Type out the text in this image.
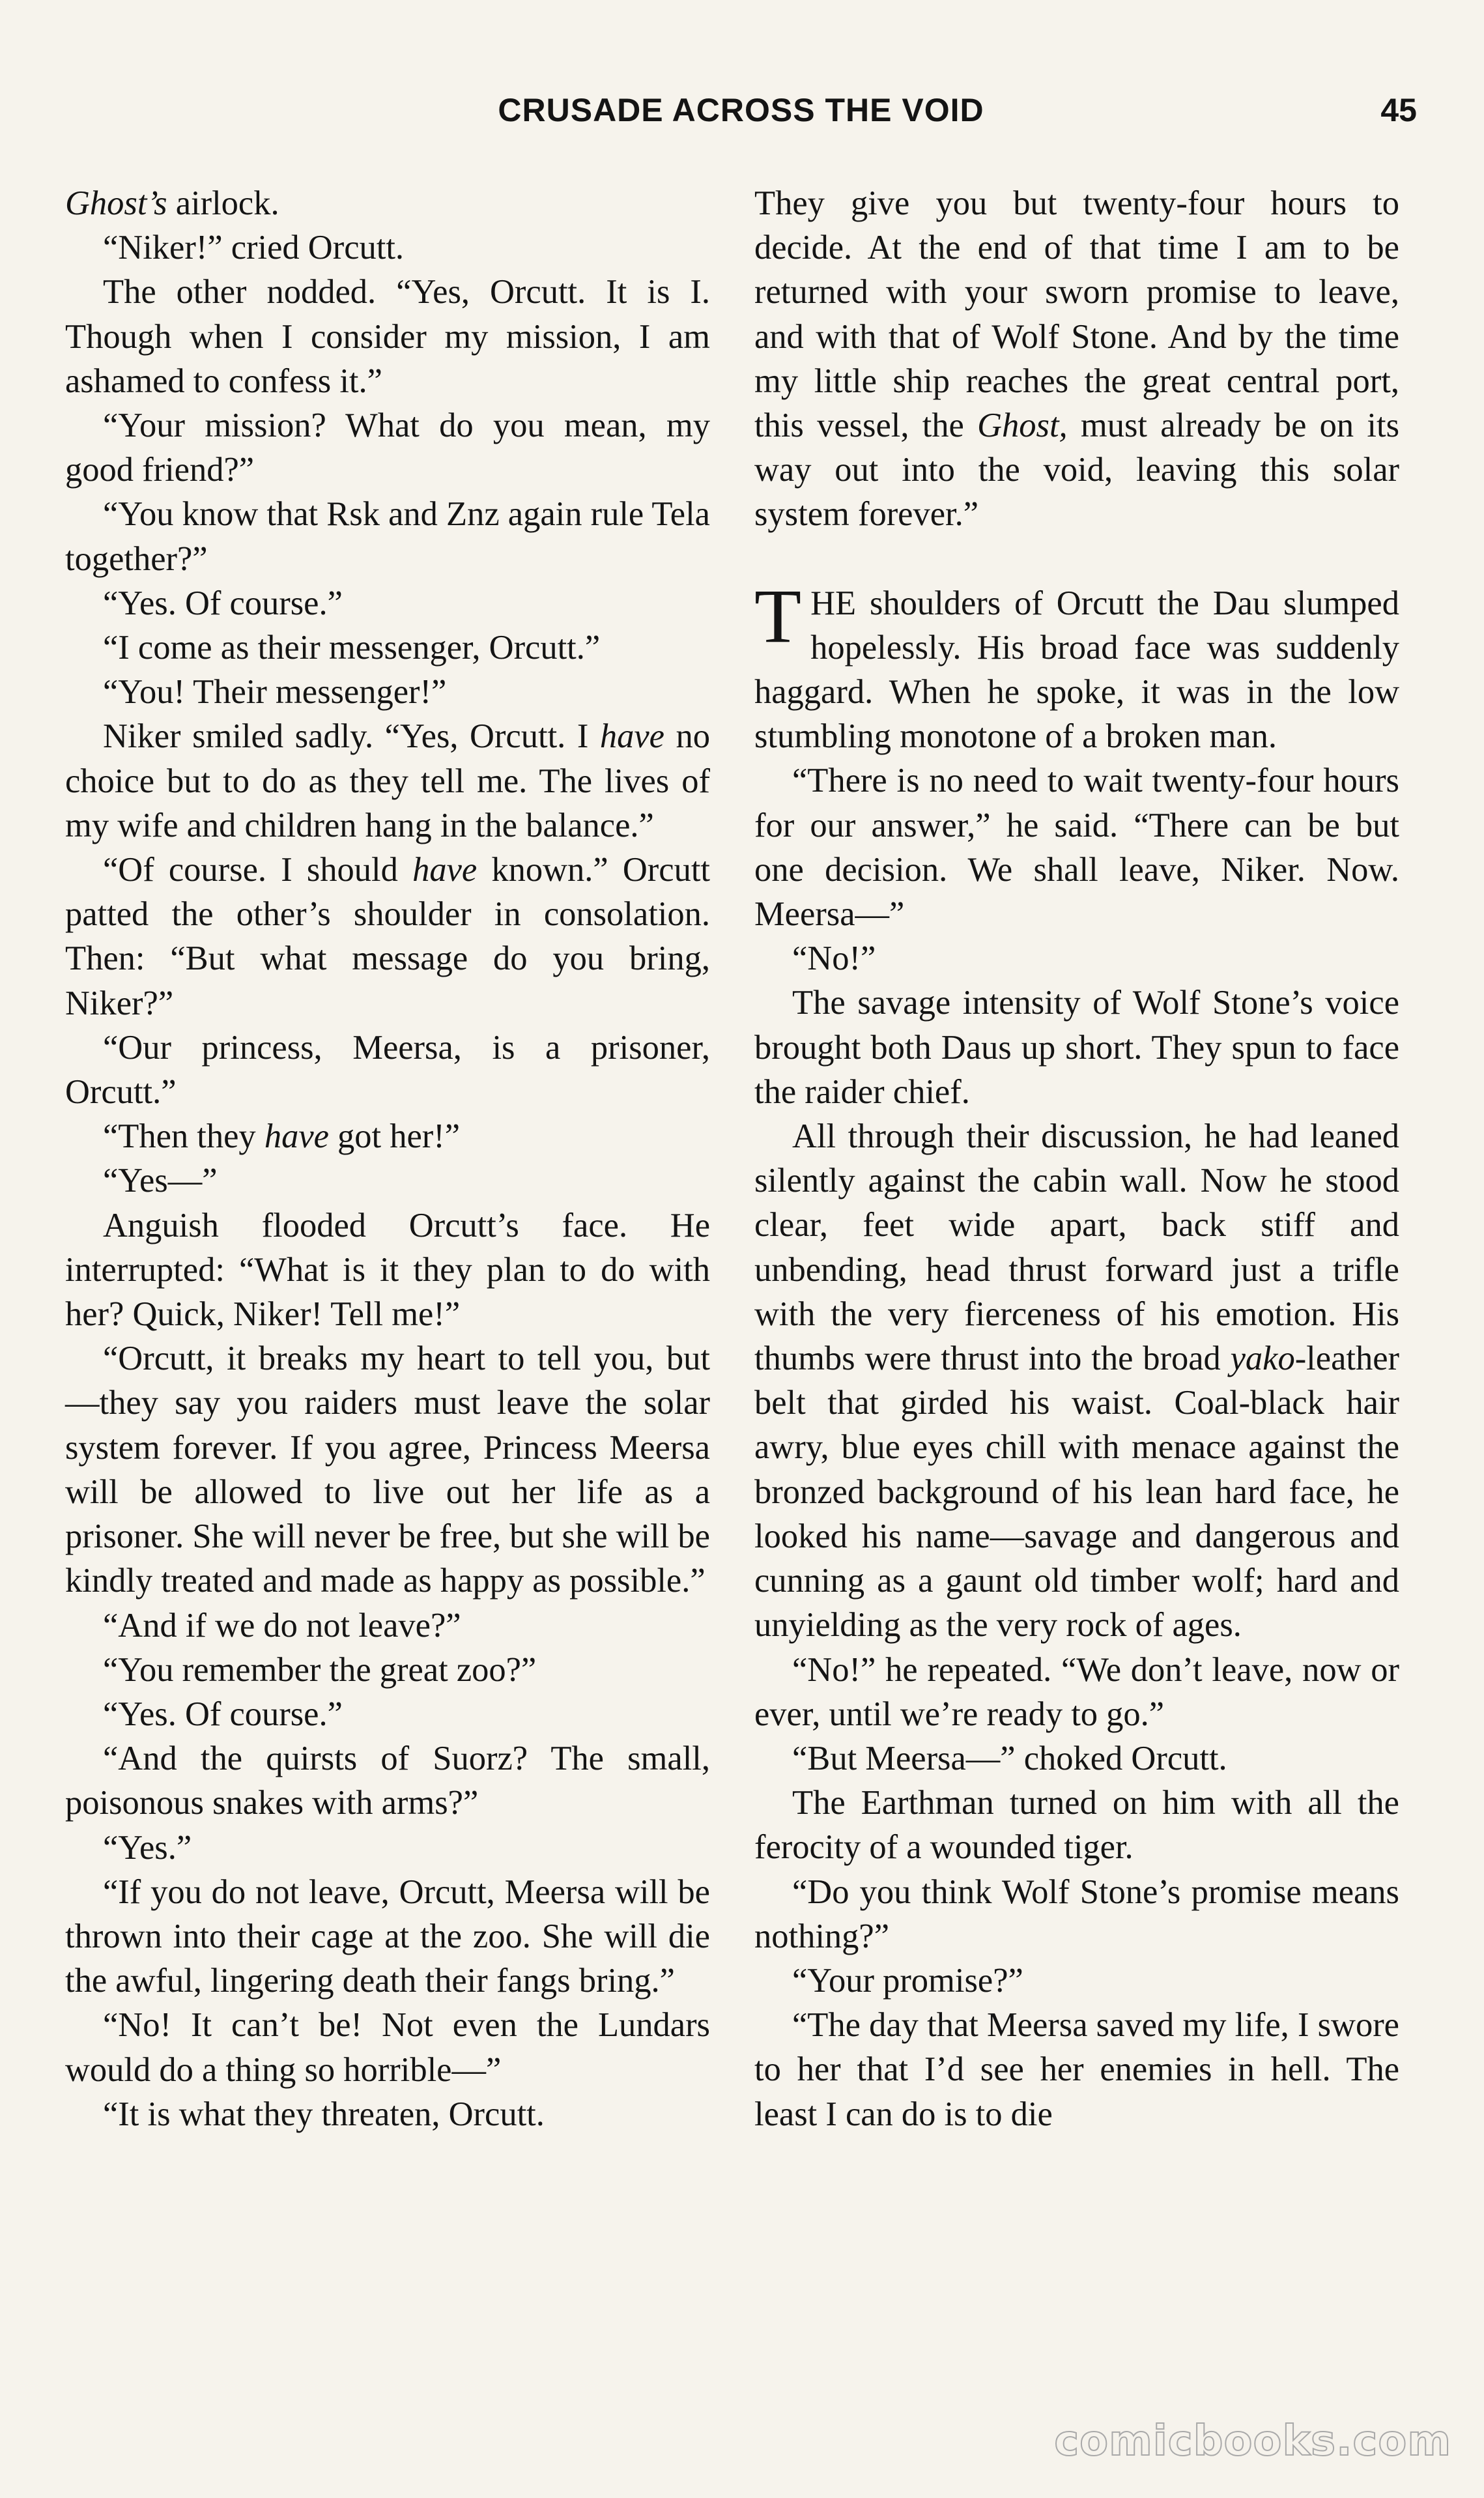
CRUSADE ACROSS THE VOID	45

Ghost’s airlock.

“Niker!” cried Orcutt.

The other nodded. “Yes, Orcutt. It is I. Though when I consider my mission, I am ashamed to confess it.”

“Your mission? What do you mean, my good friend?”

“You know that Rsk and Znz again rule Tela together?”

“Yes. Of course.”

“I come as their messenger, Orcutt.”

“You! Their messenger!”

Niker smiled sadly. “Yes, Orcutt. I have no choice but to do as they tell me. The lives of my wife and children hang in the balance.”

“Of course. I should have known.” Orcutt patted the other’s shoulder in consolation. Then: “But what message do you bring, Niker?”

“Our princess, Meersa, is a prisoner, Orcutt.”

“Then they have got her!”

“Yes—”

Anguish flooded Orcutt’s face. He interrupted: “What is it they plan to do with her? Quick, Niker! Tell me!”

“Orcutt, it breaks my heart to tell you, but—they say you raiders must leave the solar system forever. If you agree, Princess Meersa will be allowed to live out her life as a prisoner. She will never be free, but she will be kindly treated and made as happy as possible.”

“And if we do not leave?”

“You remember the great zoo?”

“Yes. Of course.”

“And the quirsts of Suorz? The small, poisonous snakes with arms?”

“Yes.”

“If you do not leave, Orcutt, Meersa will be thrown into their cage at the zoo. She will die the awful, lingering death their fangs bring.”

“No! It can’t be! Not even the Lundars would do a thing so horrible—”

“It is what they threaten, Orcutt.

They give you but twenty-four hours to decide. At the end of that time I am to be returned with your sworn promise to leave, and with that of Wolf Stone. And by the time my little ship reaches the great central port, this vessel, the Ghost, must already be on its way out into the void, leaving this solar system forever.”

THE shoulders of Orcutt the Dau slumped hopelessly. His broad face was suddenly haggard. When he spoke, it was in the low stumbling monotone of a broken man.

“There is no need to wait twenty-four hours for our answer,” he said. “There can be but one decision. We shall leave, Niker. Now. Meersa—”

“No!”

The savage intensity of Wolf Stone’s voice brought both Daus up short. They spun to face the raider chief.

All through their discussion, he had leaned silently against the cabin wall. Now he stood clear, feet wide apart, back stiff and unbending, head thrust forward just a trifle with the very fierceness of his emotion. His thumbs were thrust into the broad yako-leather belt that girded his waist. Coal-black hair awry, blue eyes chill with menace against the bronzed background of his lean hard face, he looked his name—savage and dangerous and cunning as a gaunt old timber wolf; hard and unyielding as the very rock of ages.

“No!” he repeated. “We don’t leave, now or ever, until we’re ready to go.”

“But Meersa—” choked Orcutt.

The Earthman turned on him with all the ferocity of a wounded tiger.

“Do you think Wolf Stone’s promise means nothing?”

“Your promise?”

“The day that Meersa saved my life, I swore to her that I’d see her enemies in hell. The least I can do is to die

comicbooks.com
